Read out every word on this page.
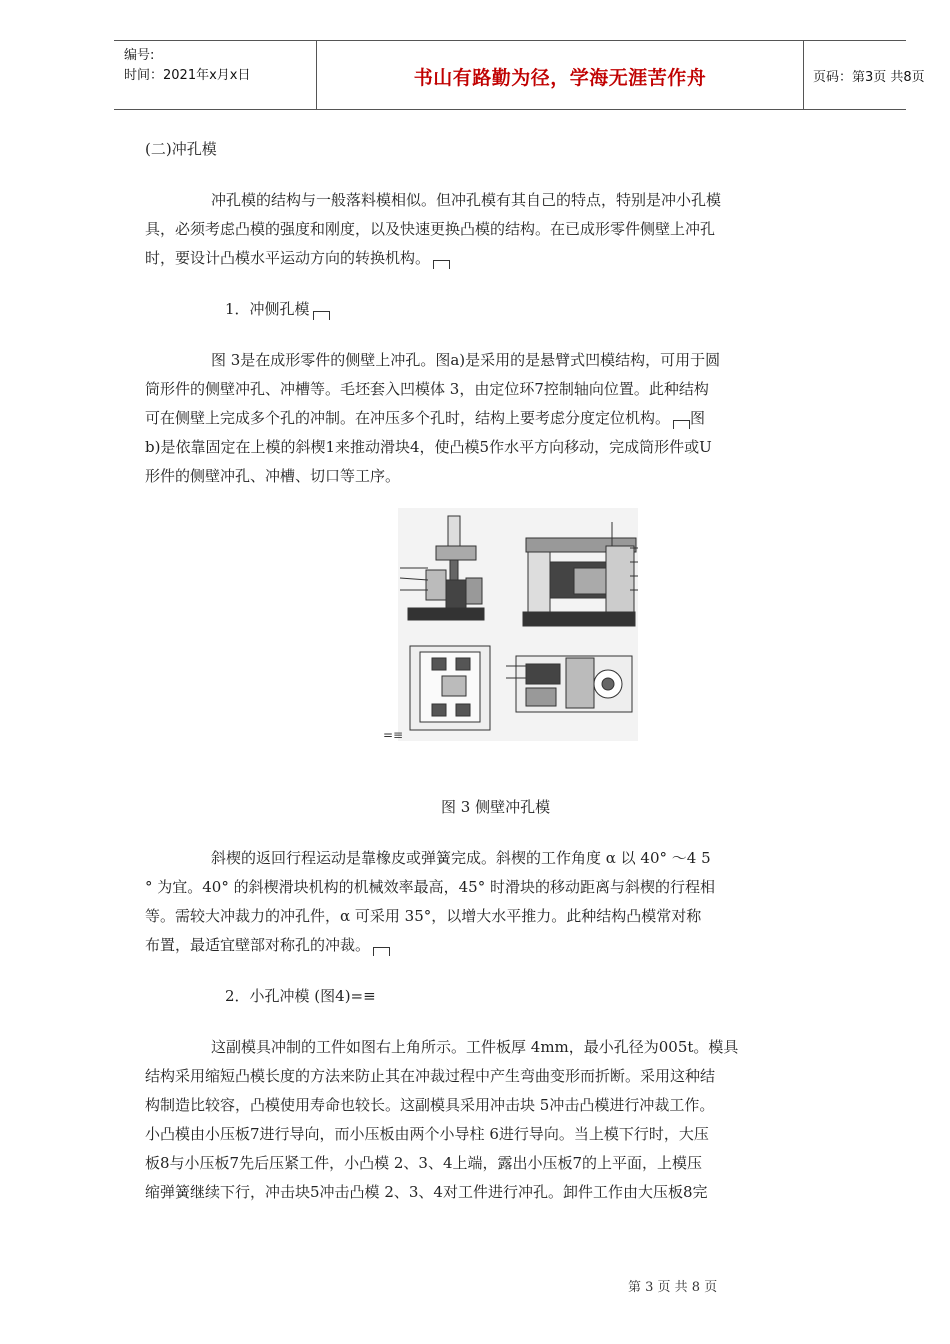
编号:
时间：2021年x月x日	书山有路勤为径，学海无涯苦作舟	页码：第3页 共8页
(二)冲孔模
冲孔模的结构与一般落料模相似。但冲孔模有其自己的特点，特别是冲小孔模
具，必须考虑凸模的强度和刚度，以及快速更换凸模的结构。在已成形零件侧壁上冲孔
时，要设计凸模水平运动方向的转换机构。
1．冲侧孔模
图 3是在成形零件的侧壁上冲孔。图a)是采用的是悬臂式凹模结构，可用于圆
筒形件的侧壁冲孔、冲槽等。毛坯套入凹模体 3，由定位环7控制轴向位置。此种结构
可在侧壁上完成多个孔的冲制。在冲压多个孔时，结构上要考虑分度定位机构。 图
b)是依靠固定在上模的斜楔1来推动滑块4，使凸模5作水平方向移动，完成筒形件或U
形件的侧壁冲孔、冲槽、切口等工序。
=≡
图 3 侧壁冲孔模
斜楔的返回行程运动是靠橡皮或弹簧完成。斜楔的工作角度 α 以 40° ～4 5
° 为宜。40° 的斜楔滑块机构的机械效率最高，45° 时滑块的移动距离与斜楔的行程相
等。需较大冲裁力的冲孔件，α 可采用 35°，以增大水平推力。此种结构凸模常对称
布置，最适宜壁部对称孔的冲裁。
2．小孔冲模 (图4)=≡
这副模具冲制的工件如图右上角所示。工件板厚 4mm，最小孔径为005t。模具
结构采用缩短凸模长度的方法来防止其在冲裁过程中产生弯曲变形而折断。采用这种结
构制造比较容，凸模使用寿命也较长。这副模具采用冲击块 5冲击凸模进行冲裁工作。
小凸模由小压板7进行导向，而小压板由两个小导柱 6进行导向。当上模下行时，大压
板8与小压板7先后压紧工件，小凸模 2、3、4上端，露出小压板7的上平面，上模压
缩弹簧继续下行，冲击块5冲击凸模 2、3、4对工件进行冲孔。卸件工作由大压板8完
第 3 页 共 8 页
